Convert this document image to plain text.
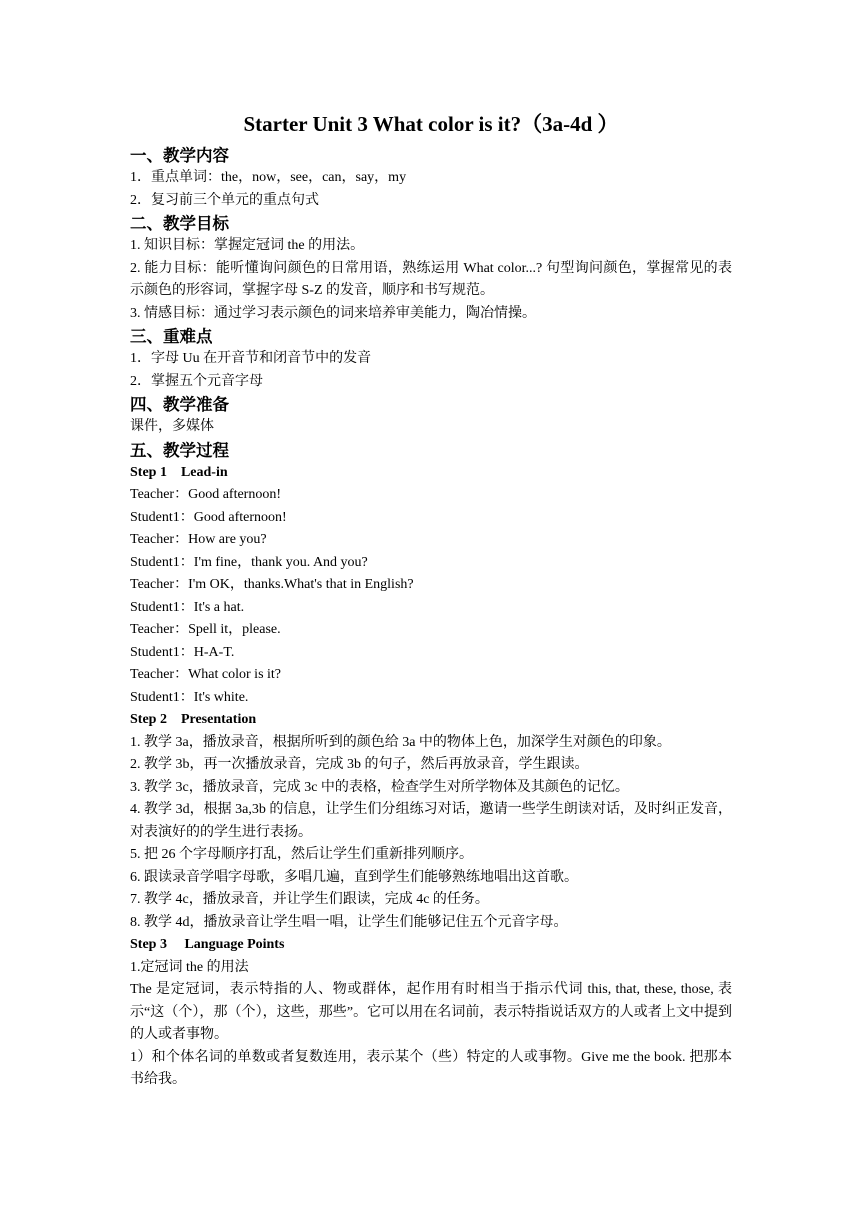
Starter Unit 3 What color is it?（3a-4d ）
一、教学内容
1．重点单词：the，now，see，can，say，my
2．复习前三个单元的重点句式
二、教学目标
1. 知识目标：掌握定冠词 the 的用法。
2. 能力目标：能听懂询问颜色的日常用语，熟练运用 What color...? 句型询问颜色，掌握常见的表示颜色的形容词，掌握字母 S-Z 的发音，顺序和书写规范。
3. 情感目标：通过学习表示颜色的词来培养审美能力，陶冶情操。
三、重难点
1．字母 Uu 在开音节和闭音节中的发音
2．掌握五个元音字母
四、教学准备
课件，多媒体
五、教学过程
Step 1    Lead-in
Teacher：Good afternoon!
Student1：Good afternoon!
Teacher：How are you?
Student1：I'm fine，thank you. And you?
Teacher：I'm OK，thanks.What's that in English?
Student1：It's a hat.
Teacher：Spell it，please.
Student1：H-A-T.
Teacher：What color is it?
Student1：It's white.
Step 2    Presentation
1. 教学 3a，播放录音，根据所听到的颜色给 3a 中的物体上色，加深学生对颜色的印象。
2. 教学 3b，再一次播放录音，完成 3b 的句子，然后再放录音，学生跟读。
3. 教学 3c，播放录音，完成 3c 中的表格，检查学生对所学物体及其颜色的记忆。
4. 教学 3d，根据 3a,3b 的信息，让学生们分组练习对话，邀请一些学生朗读对话，及时纠正发音，对表演好的的学生进行表扬。
5. 把 26 个字母顺序打乱，然后让学生们重新排列顺序。
6. 跟读录音学唱字母歌，多唱几遍，直到学生们能够熟练地唱出这首歌。
7. 教学 4c，播放录音，并让学生们跟读，完成 4c 的任务。
8. 教学 4d，播放录音让学生唱一唱，让学生们能够记住五个元音字母。
Step 3     Language Points
1.定冠词 the 的用法
The 是定冠词，表示特指的人、物或群体，起作用有时相当于指示代词 this, that, these, those, 表示“这（个），那（个），这些，那些”。它可以用在名词前，表示特指说话双方的人或者上文中提到的人或者事物。
1）和个体名词的单数或者复数连用，表示某个（些）特定的人或事物。Give me the book. 把那本书给我。
